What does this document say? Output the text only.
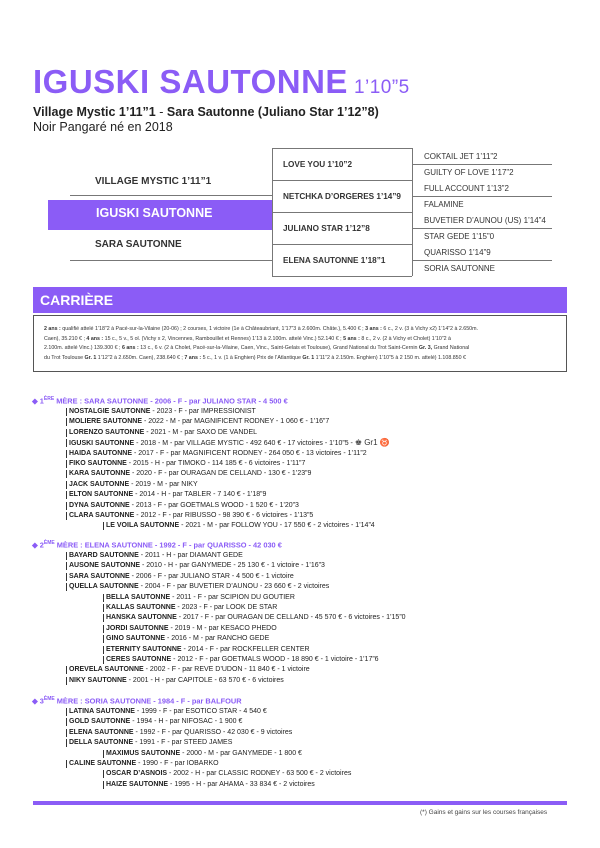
IGUSKI SAUTONNE 1’10”5
Village Mystic 1’11”1 - Sara Sautonne (Juliano Star 1’12”8)
Noir Pangaré né en 2018
VILLAGE MYSTIC 1’11”1
IGUSKI SAUTONNE
SARA SAUTONNE
LOVE YOU 1’10”2
NETCHKA D’ORGERES 1’14”9
JULIANO STAR 1’12”8
ELENA SAUTONNE 1’18”1
COKTAIL JET 1’11”2
GUILTY OF LOVE 1’17”2
FULL ACCOUNT 1’13”2
FALAMINE
BUVETIER D’AUNOU (US) 1’14”4
STAR GEDE 1’15”0
QUARISSO 1’14”9
SORIA SAUTONNE
CARRIÈRE
2 ans : qualifié attelé 1’18”2 à Pacé-sur-la-Vilaine (20-06) ; 2 courses, 1 victoire (1e à Châteaubriant, 1’17”3 à 2.600m. Châte.), 5.400 € ; 3 ans : 6 c., 2 v. (3 à Vichy x2) 1’14”2 à 2.650m.
Caen), 35.210 € ; 4 ans : 15 c., 5 v., 5 ol. (Vichy x 2, Vincennes, Rambouillet et Rennes) 1’13 à 2.100m. attelé Vinc.) 52.140 € ; 5 ans : 8 c., 2 v. (2 à Vichy et Cholet) 1’10”2 à
2.100m. attelé Vinc.) 139.300 € ; 6 ans : 13 c., 6 v. (2 à Cholet, Pacé-sur-la-Vilaine, Caen, Vinc., Saint-Gelais et Toulouse), Grand National du Trot Saint-Cernin Gr. 3, Grand National
du Trot Toulouse Gr. 1 1’12”2 à 2.650m. Caen), 238.640 € ; 7 ans : 5 c., 1 v. (1 à Enghien) Prix de l’Atlantique Gr. 1 1’11”2 à 2.150m. Enghien) 1’10”5 à 2 150 m. attelé) 1.108.850 €
◆ 1ÈRE MÈRE : SARA SAUTONNE - 2006 - F - par JULIANO STAR - 4 500 €
NOSTALGIE SAUTONNE - 2023 - F - par IMPRESSIONIST
MOLIERE SAUTONNE - 2022 - M - par MAGNIFICENT RODNEY - 1 060 € - 1’16”7
LORENZO SAUTONNE - 2021 - M - par SAXO DE VANDEL
IGUSKI SAUTONNE - 2018 - M - par VILLAGE MYSTIC - 492 640 € - 17 victoires - 1’10”5 - ♚ Gr1 ♉
HAIDA SAUTONNE - 2017 - F - par MAGNIFICENT RODNEY - 264 050 € - 13 victoires - 1’11”2
FIKO SAUTONNE - 2015 - H - par TIMOKO - 114 185 € - 6 victoires - 1’11”7
KARA SAUTONNE - 2020 - F - par OURAGAN DE CELLAND - 130 € - 1’23”9
JACK SAUTONNE - 2019 - M - par NIKY
ELTON SAUTONNE - 2014 - H - par TABLER - 7 140 € - 1’18”9
DYNA SAUTONNE - 2013 - F - par GOETMALS WOOD - 1 520 € - 1’20”3
CLARA SAUTONNE - 2012 - F - par RIBUSSO - 98 390 € - 6 victoires - 1’13”5
LE VOILA SAUTONNE - 2021 - M - par FOLLOW YOU - 17 550 € - 2 victoires - 1’14”4
◆ 2ÈME MÈRE : ELENA SAUTONNE - 1992 - F - par QUARISSO - 42 030 €
BAYARD SAUTONNE - 2011 - H - par DIAMANT GEDE
AUSONE SAUTONNE - 2010 - H - par GANYMEDE - 25 130 € - 1 victoire - 1’16”3
SARA SAUTONNE - 2006 - F - par JULIANO STAR - 4 500 € - 1 victoire
QUELLA SAUTONNE - 2004 - F - par BUVETIER D’AUNOU - 23 660 € - 2 victoires
BELLA SAUTONNE - 2011 - F - par SCIPION DU GOUTIER
KALLAS SAUTONNE - 2023 - F - par LOOK DE STAR
HANSKA SAUTONNE - 2017 - F - par OURAGAN DE CELLAND - 45 570 € - 6 victoires - 1’15”0
JORDI SAUTONNE - 2019 - M - par KESACO PHEDO
GINO SAUTONNE - 2016 - M - par RANCHO GEDE
ETERNITY SAUTONNE - 2014 - F - par ROCKFELLER CENTER
CERES SAUTONNE - 2012 - F - par GOETMALS WOOD - 18 890 € - 1 victoire - 1’17”6
OREVELA SAUTONNE - 2002 - F - par REVE D’UDON - 11 840 € - 1 victoire
NIKY SAUTONNE - 2001 - H - par CAPITOLE - 63 570 € - 6 victoires
◆ 3ÈME MÈRE : SORIA SAUTONNE - 1984 - F - par BALFOUR
LATINA SAUTONNE - 1999 - F - par ESOTICO STAR - 4 540 €
GOLD SAUTONNE - 1994 - H - par NIFOSAC - 1 900 €
ELENA SAUTONNE - 1992 - F - par QUARISSO - 42 030 € - 9 victoires
DELLA SAUTONNE - 1991 - F - par STEED JAMES
MAXIMUS SAUTONNE - 2000 - M - par GANYMEDE - 1 800 €
CALINE SAUTONNE - 1990 - F - par IOBARKO
OSCAR D’ASNOIS - 2002 - H - par CLASSIC RODNEY - 63 500 € - 2 victoires
HAIZE SAUTONNE - 1995 - H - par AHAMA - 33 834 € - 2 victoires
(*) Gains et gains sur les courses françaises
